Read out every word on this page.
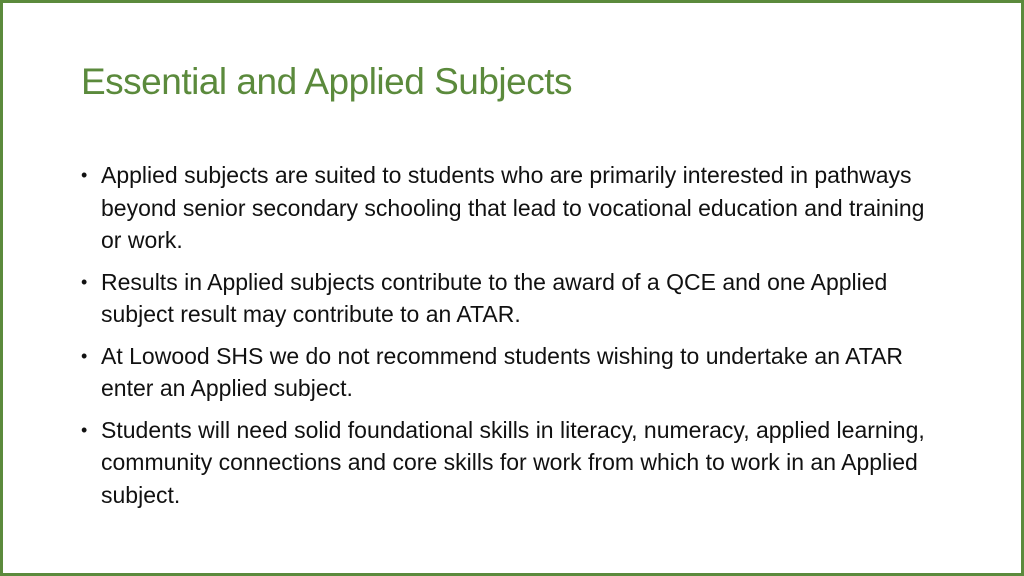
Essential and Applied Subjects
• Applied subjects are suited to students who are primarily interested in pathways beyond senior secondary schooling that lead to vocational education and training or work.
• Results in Applied subjects contribute to the award of a QCE and one Applied subject result may contribute to an ATAR.
• At Lowood SHS we do not recommend students wishing to undertake an ATAR enter an Applied subject.
• Students will need solid foundational skills in literacy, numeracy, applied learning, community connections and core skills for work from which to work in an Applied subject.
